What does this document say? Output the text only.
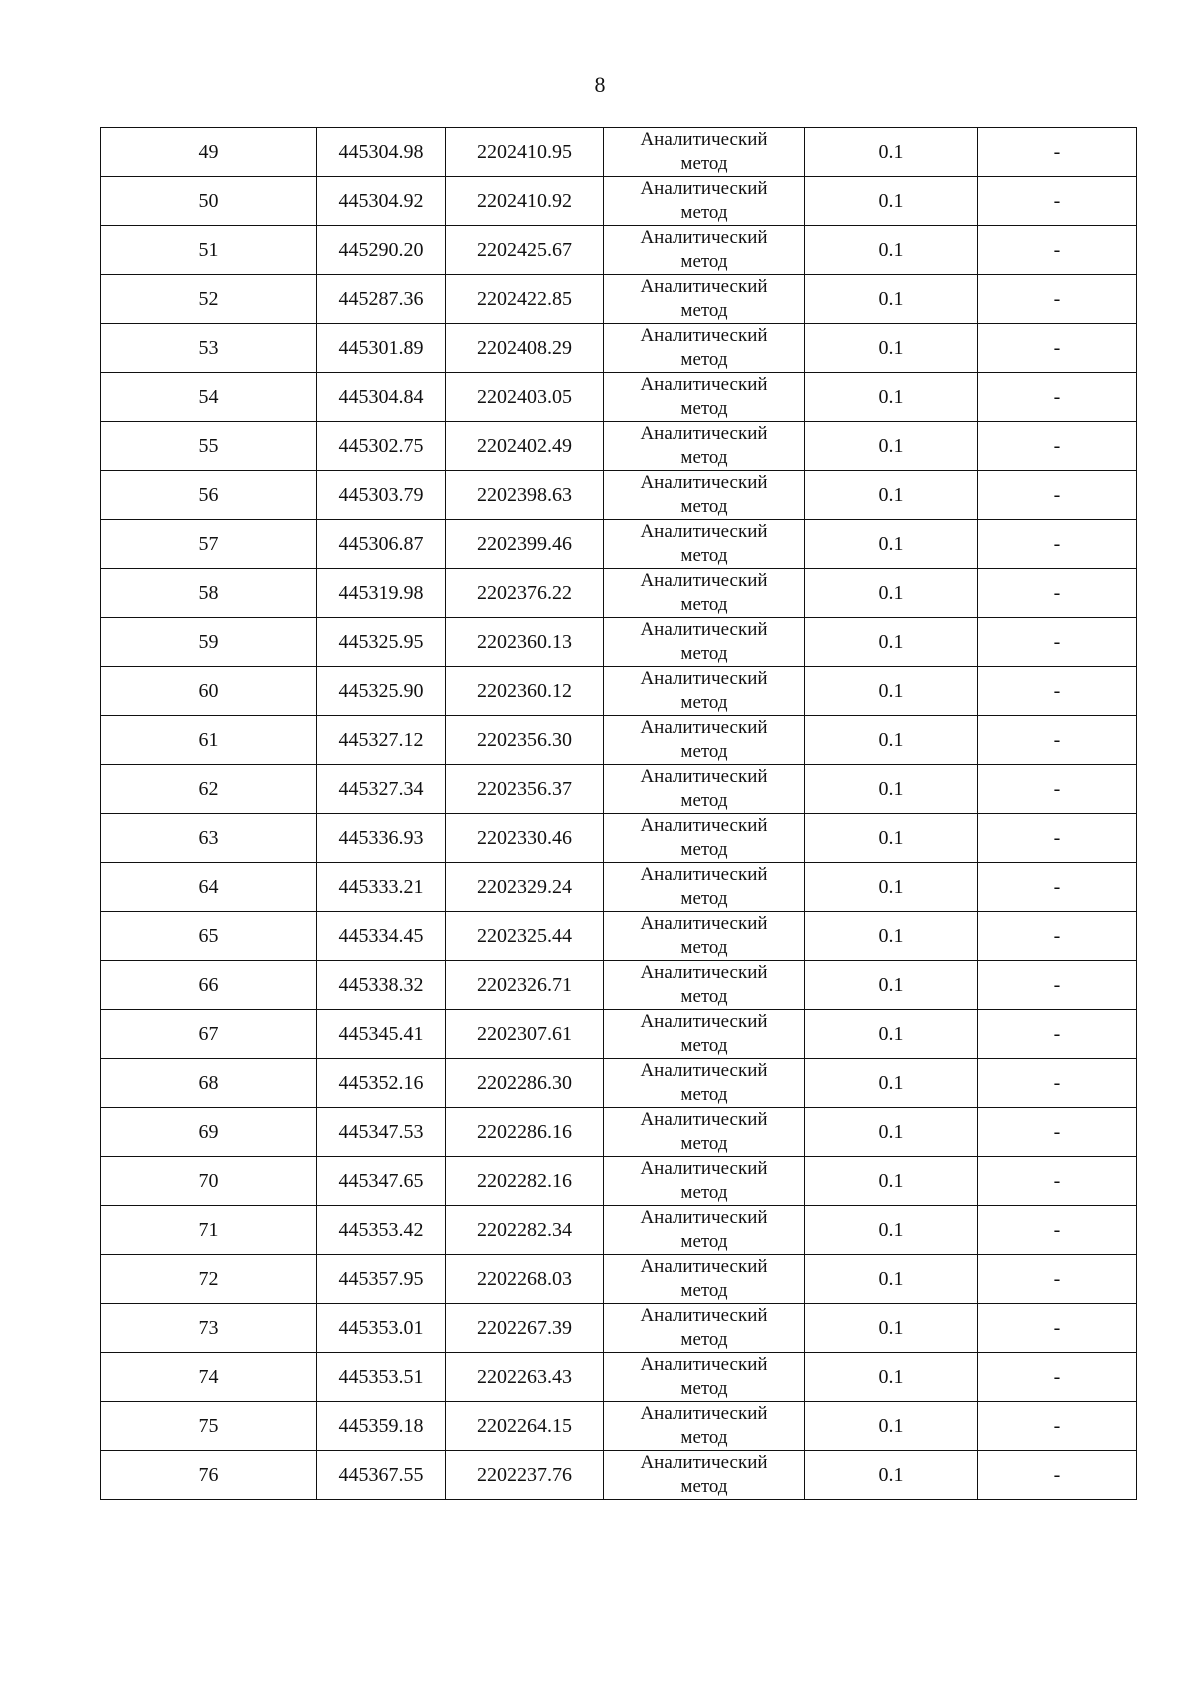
8
49	445304.98	2202410.95	Аналитический
метод	0.1	-
50	445304.92	2202410.92	Аналитический
метод	0.1	-
51	445290.20	2202425.67	Аналитический
метод	0.1	-
52	445287.36	2202422.85	Аналитический
метод	0.1	-
53	445301.89	2202408.29	Аналитический
метод	0.1	-
54	445304.84	2202403.05	Аналитический
метод	0.1	-
55	445302.75	2202402.49	Аналитический
метод	0.1	-
56	445303.79	2202398.63	Аналитический
метод	0.1	-
57	445306.87	2202399.46	Аналитический
метод	0.1	-
58	445319.98	2202376.22	Аналитический
метод	0.1	-
59	445325.95	2202360.13	Аналитический
метод	0.1	-
60	445325.90	2202360.12	Аналитический
метод	0.1	-
61	445327.12	2202356.30	Аналитический
метод	0.1	-
62	445327.34	2202356.37	Аналитический
метод	0.1	-
63	445336.93	2202330.46	Аналитический
метод	0.1	-
64	445333.21	2202329.24	Аналитический
метод	0.1	-
65	445334.45	2202325.44	Аналитический
метод	0.1	-
66	445338.32	2202326.71	Аналитический
метод	0.1	-
67	445345.41	2202307.61	Аналитический
метод	0.1	-
68	445352.16	2202286.30	Аналитический
метод	0.1	-
69	445347.53	2202286.16	Аналитический
метод	0.1	-
70	445347.65	2202282.16	Аналитический
метод	0.1	-
71	445353.42	2202282.34	Аналитический
метод	0.1	-
72	445357.95	2202268.03	Аналитический
метод	0.1	-
73	445353.01	2202267.39	Аналитический
метод	0.1	-
74	445353.51	2202263.43	Аналитический
метод	0.1	-
75	445359.18	2202264.15	Аналитический
метод	0.1	-
76	445367.55	2202237.76	Аналитический
метод	0.1	-
